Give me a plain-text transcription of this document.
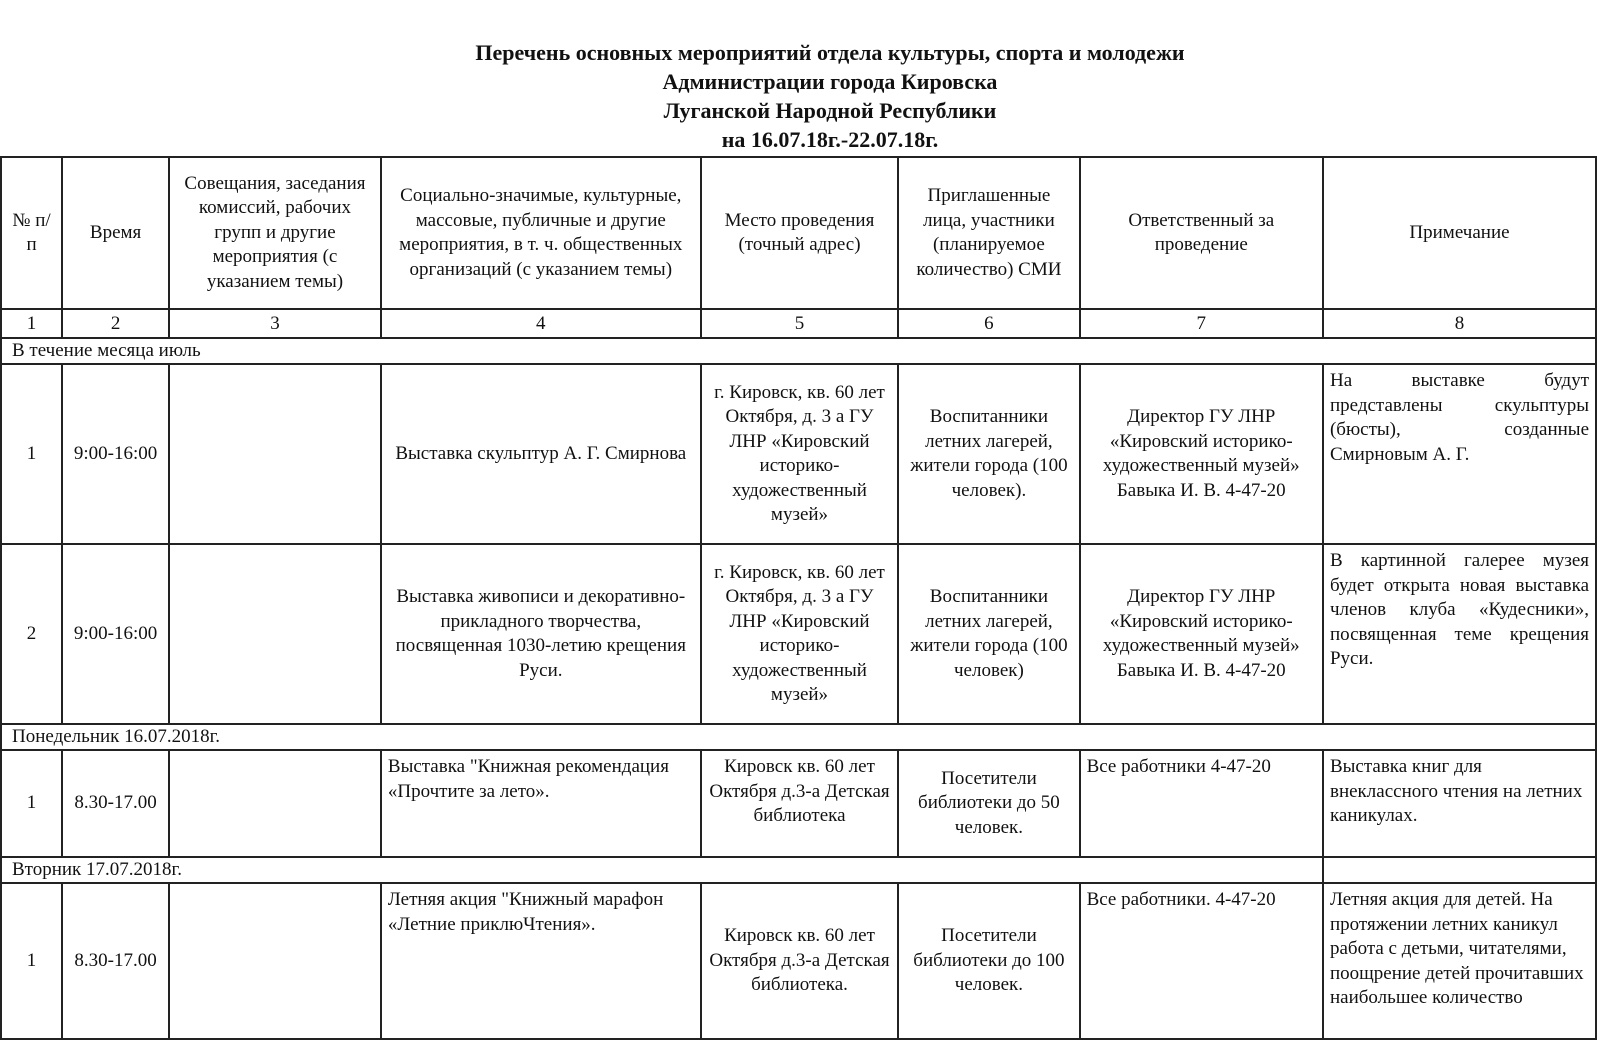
Перечень основных мероприятий отдела культуры, спорта и молодежи
Администрации города Кировска
Луганской Народной Республики
на 16.07.18г.-22.07.18г.
№ п/п	Время	Совещания, заседания комиссий, рабочих групп и другие мероприятия (с указанием темы)	Социально-значимые, культурные, массовые, публичные и другие мероприятия, в т. ч. общественных организаций (с указанием темы)	Место проведения (точный адрес)	Приглашенные лица, участники (планируемое количество) СМИ	Ответственный за проведение	Примечание
1	2	3	4	5	6	7	8
В течение месяца июль							
1	9:00-16:00		Выставка скульптур А. Г. Смирнова	г. Кировск, кв. 60 лет Октября, д. 3 а ГУ ЛНР «Кировский историко-художественный музей»	Воспитанники летних лагерей, жители города (100 человек).	Директор ГУ ЛНР «Кировский историко-художественный музей» Бавыка И. В. 4-47-20	На выставке будут представлены скульптуры (бюсты), созданные Смирновым А. Г.
2	9:00-16:00		Выставка живописи и декоративно-прикладного творчества, посвященная 1030-летию крещения Руси.	г. Кировск, кв. 60 лет Октября, д. 3 а ГУ ЛНР «Кировский историко-художественный музей»	Воспитанники летних лагерей, жители города (100 человек)	Директор ГУ ЛНР «Кировский историко-художественный музей» Бавыка И. В. 4-47-20	В картинной галерее музея будет открыта новая выставка членов клуба «Кудесники», посвященная теме крещения Руси.
Понедельник 16.07.2018г.							
1	8.30-17.00		Выставка "Книжная рекомендация «Прочтите за лето».	Кировск кв. 60 лет Октября д.3-а Детская библиотека	Посетители библиотеки до 50 человек.	Все работники 4-47-20	Выставка книг для внеклассного чтения на летних каникулах.
Вторник 17.07.2018г.							
1	8.30-17.00		Летняя акция "Книжный марафон «Летние приклюЧтения».	Кировск кв. 60 лет Октября д.3-а Детская библиотека.	Посетители библиотеки до 100 человек.	Все работники. 4-47-20	Летняя акция для детей. На протяжении летних каникул работа с детьми, читателями, поощрение детей прочитавших наибольшее количество
